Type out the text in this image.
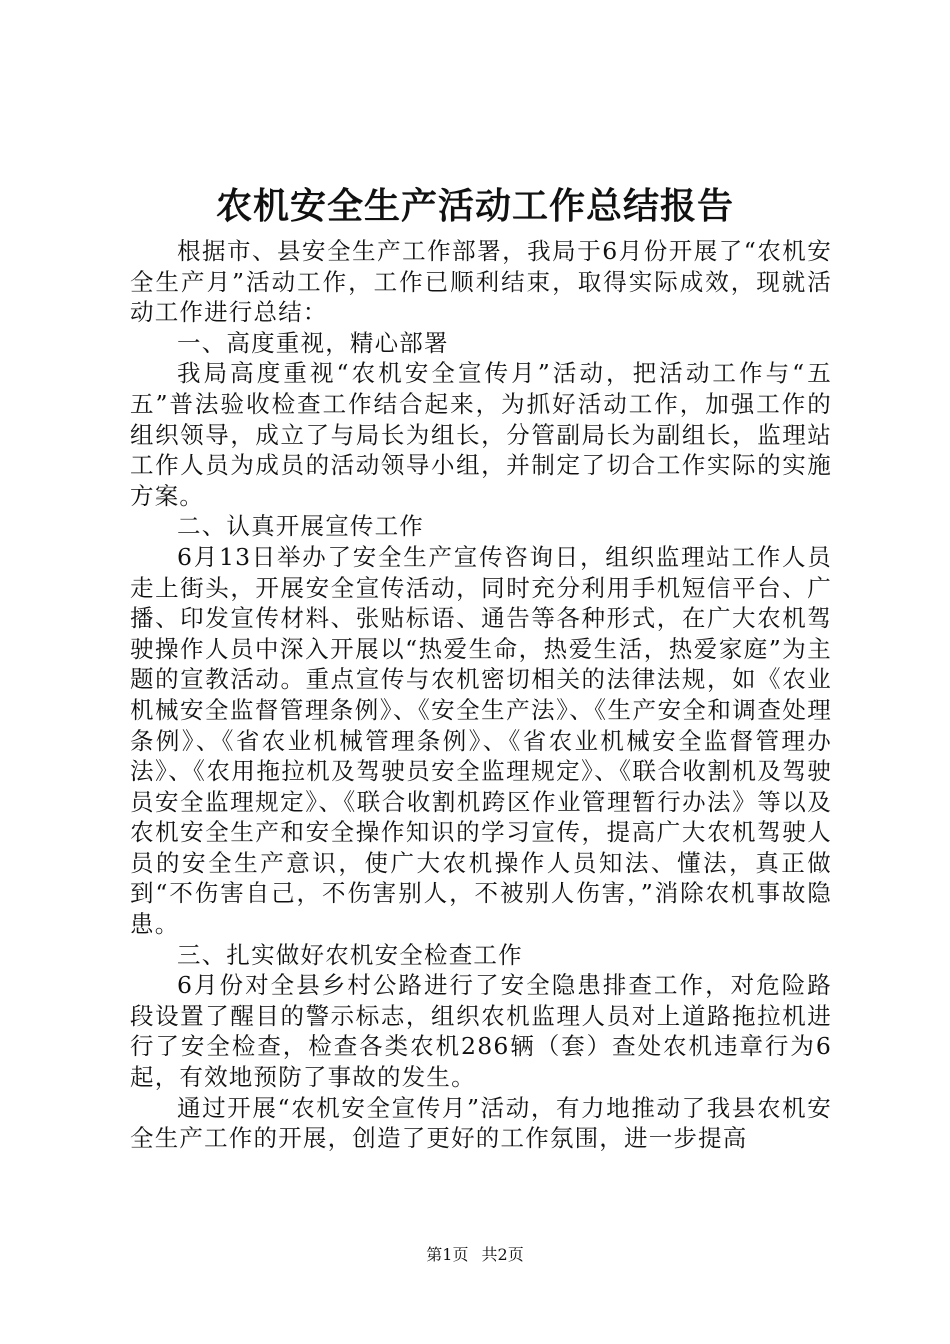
农机安全生产活动工作总结报告

根据市、县安全生产工作部署，我局于6月份开展了“农机安全生产月”活动工作，工作已顺利结束，取得实际成效，现就活动工作进行总结：

一、高度重视，精心部署

我局高度重视“农机安全宣传月”活动，把活动工作与“五五”普法验收检查工作结合起来，为抓好活动工作，加强工作的组织领导，成立了与局长为组长，分管副局长为副组长，监理站工作人员为成员的活动领导小组，并制定了切合工作实际的实施方案。

二、认真开展宣传工作

6月13日举办了安全生产宣传咨询日，组织监理站工作人员走上街头，开展安全宣传活动，同时充分利用手机短信平台、广播、印发宣传材料、张贴标语、通告等各种形式，在广大农机驾驶操作人员中深入开展以“热爱生命，热爱生活，热爱家庭”为主题的宣教活动。重点宣传与农机密切相关的法律法规，如《农业机械安全监督管理条例》、《安全生产法》、《生产安全和调查处理条例》、《省农业机械管理条例》、《省农业机械安全监督管理办法》、《农用拖拉机及驾驶员安全监理规定》、《联合收割机及驾驶员安全监理规定》、《联合收割机跨区作业管理暂行办法》等以及农机安全生产和安全操作知识的学习宣传，提高广大农机驾驶人员的安全生产意识，使广大农机操作人员知法、懂法，真正做到“不伤害自己，不伤害别人，不被别人伤害，”消除农机事故隐患。

三、扎实做好农机安全检查工作

6月份对全县乡村公路进行了安全隐患排查工作，对危险路段设置了醒目的警示标志，组织农机监理人员对上道路拖拉机进行了安全检查，检查各类农机286辆（套）查处农机违章行为6起，有效地预防了事故的发生。

通过开展“农机安全宣传月”活动，有力地推动了我县农机安全生产工作的开展，创造了更好的工作氛围，进一步提高

第1页 共2页
